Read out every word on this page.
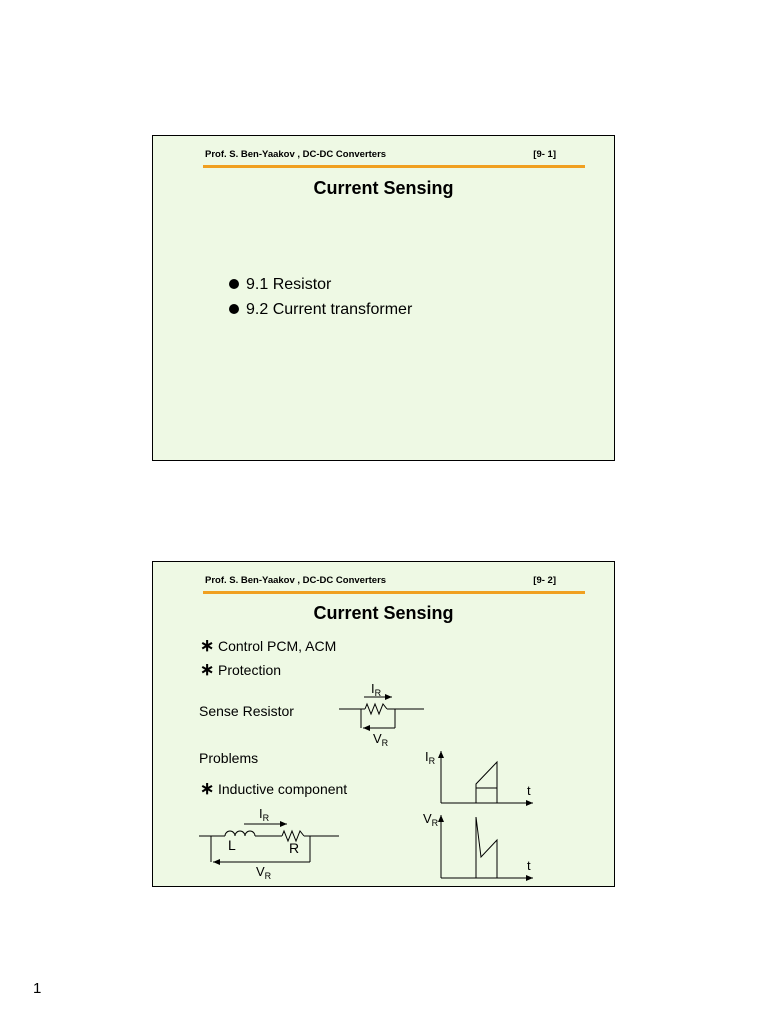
Prof. S. Ben-Yaakov , DC-DC Converters	[9- 1]
Current Sensing
9.1 Resistor
9.2 Current transformer
Prof. S. Ben-Yaakov , DC-DC Converters	[9- 2]
Current Sensing
∗ Control PCM, ACM
∗ Protection
Sense Resistor
Problems
∗ Inductive component
$I_R$
$V_R$
$I_R$
L	R
$V_R$
$I_R$
t
$V_R$
t
1
